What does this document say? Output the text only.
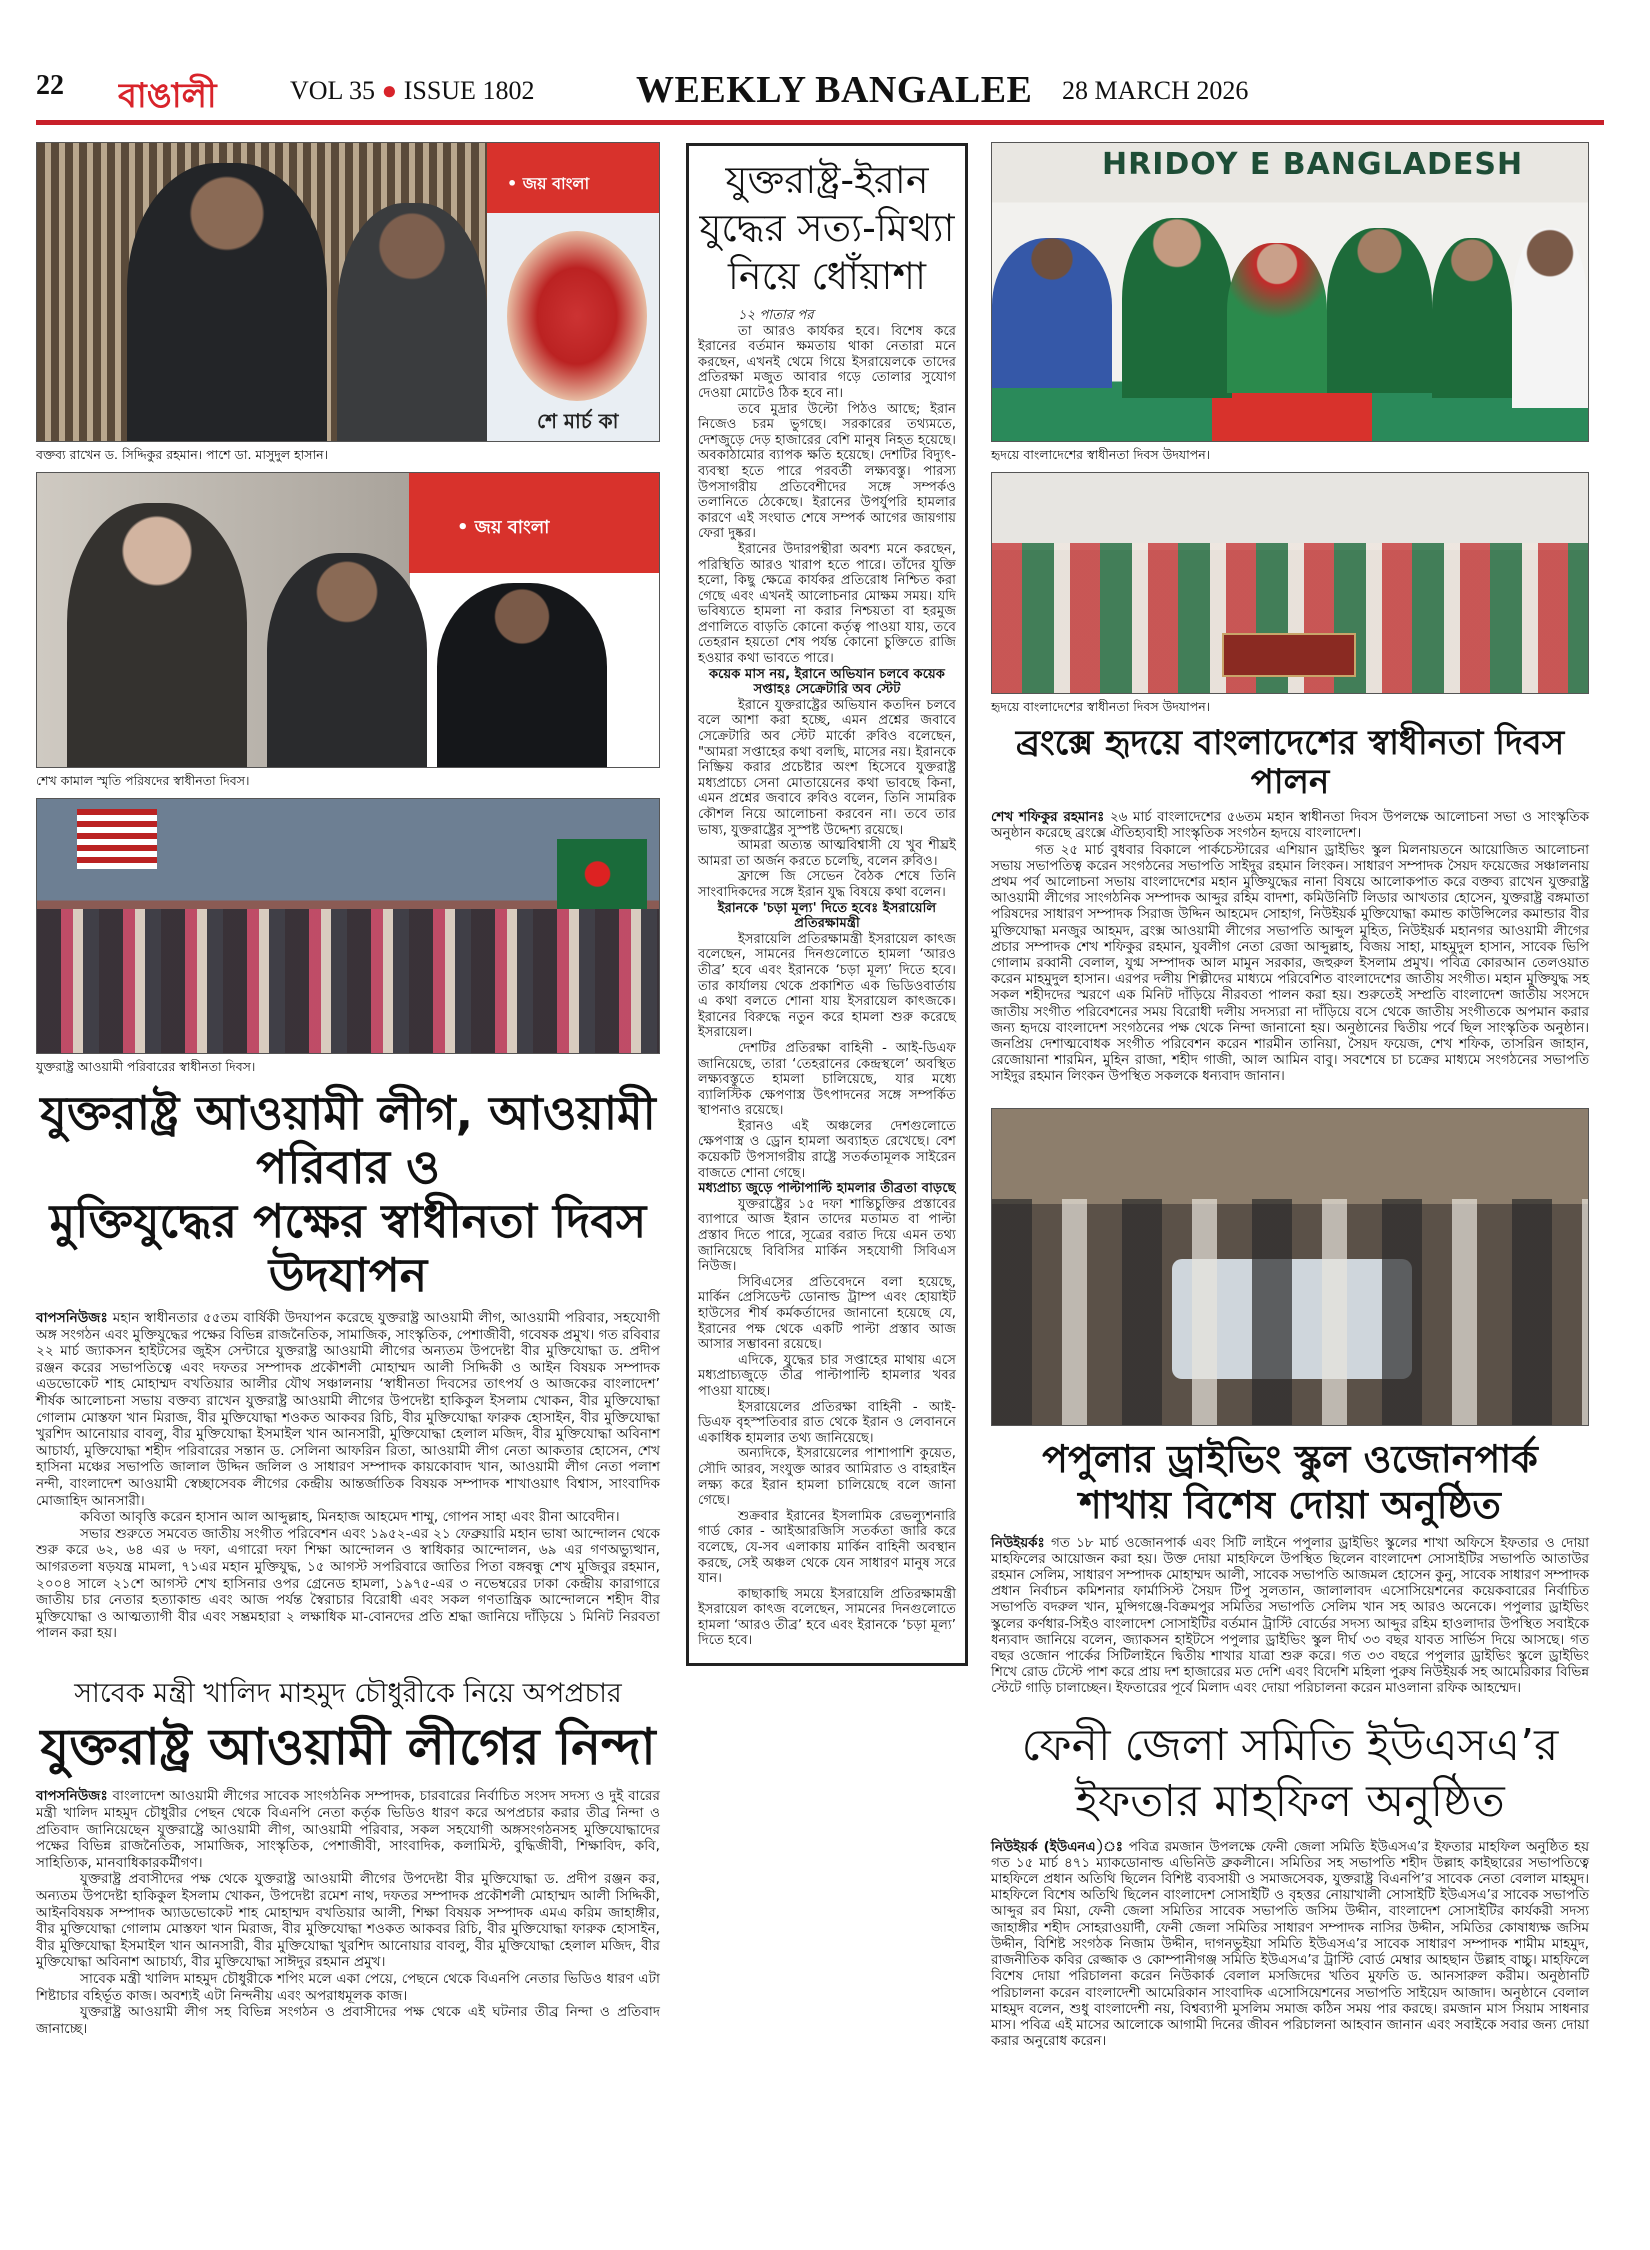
22 বাঙালী	VOL 35 ● ISSUE 1802	WEEKLY BANGALEE 28 MARCH 2026
• জয় বাংলা
শে মার্চ কা
বক্তব্য রাখেন ড. সিদ্দিকুর রহমান। পাশে ডা. মাসুদুল হাসান।
• জয় বাংলা
শেখ কামাল স্মৃতি পরিষদের স্বাধীনতা দিবস।
যুক্তরাষ্ট্র আওয়ামী পরিবারের স্বাধীনতা দিবস।
যুক্তরাষ্ট্র আওয়ামী লীগ, আওয়ামী পরিবার ও
মুক্তিযুদ্ধের পক্ষের স্বাধীনতা দিবস উদযাপন

বাপসনিউজঃ মহান স্বাধীনতার ৫৫তম বার্ষিকী উদযাপন করেছে যুক্তরাষ্ট্র আওয়ামী লীগ, আওয়ামী পরিবার, সহযোগী অঙ্গ সংগঠন এবং মুক্তিযুদ্ধের পক্ষের বিভিন্ন রাজনৈতিক, সামাজিক, সাংস্কৃতিক, পেশাজীবী, গবেষক প্রমুখ। গত রবিবার ২২ মার্চ জ্যাকসন হাইটসের জুইস সেন্টারে যুক্তরাষ্ট্র আওয়ামী লীগের অন্যতম উপদেষ্টা বীর মুক্তিযোদ্ধা ড. প্রদীপ রঞ্জন করের সভাপতিত্বে এবং দফতর সম্পাদক প্রকৌশলী মোহাম্মদ আলী সিদ্দিকী ও আইন বিষয়ক সম্পাদক এডভোকেট শাহ মোহাম্মদ বখতিয়ার আলীর যৌথ সঞ্চালনায় ‘স্বাধীনতা দিবসের তাৎপর্য ও আজকের বাংলাদেশ’ শীর্ষক আলোচনা সভায় বক্তব্য রাখেন যুক্তরাষ্ট্র আওয়ামী লীগের উপদেষ্টা হাকিকুল ইসলাম খোকন, বীর মুক্তিযোদ্ধা গোলাম মোস্তফা খান মিরাজ, বীর মুক্তিযোদ্ধা শওকত আকবর রিচি, বীর মুক্তিযোদ্ধা ফারুক হোসাইন, বীর মুক্তিযোদ্ধা খুরশিদ আনোয়ার বাবলু, বীর মুক্তিযোদ্ধা ইসমাইল খান আনসারী, মুক্তিযোদ্ধা হেলাল মজিদ, বীর মুক্তিযোদ্ধা অবিনাশ আচার্য্য, মুক্তিযোদ্ধা শহীদ পরিবারের সন্তান ড. সেলিনা আফরিন রিতা, আওয়ামী লীগ নেতা আকতার হোসেন, শেখ হাসিনা মঞ্চের সভাপতি জালাল উদ্দিন জলিল ও সাধারণ সম্পাদক কায়কোবাদ খান, আওয়ামী লীগ নেতা পলাশ নন্দী, বাংলাদেশ আওয়ামী স্বেচ্ছাসেবক লীগের কেন্দ্রীয় আন্তর্জাতিক বিষয়ক সম্পাদক শাখাওয়াৎ বিশ্বাস, সাংবাদিক মোজাহিদ আনসারী।

কবিতা আবৃত্তি করেন হাসান আল আব্দুল্লাহ, মিনহাজ আহমেদ শাম্মু, গোপন সাহা এবং রীনা আবেদীন।

সভার শুরুতে সমবেত জাতীয় সংগীত পরিবেশন এবং ১৯৫২-এর ২১ ফেব্রুয়ারি মহান ভাষা আন্দোলন থেকে শুরু করে ৬২, ৬৪ এর ৬ দফা, এগারো দফা শিক্ষা আন্দোলন ও স্বাধিকার আন্দোলন, ৬৯ এর গণঅভ্যুত্থান, আগরতলা ষড়যন্ত্র মামলা, ৭১এর মহান মুক্তিযুদ্ধ, ১৫ আগস্ট সপরিবারে জাতির পিতা বঙ্গবন্ধু শেখ মুজিবুর রহমান, ২০০৪ সালে ২১শে আগস্ট শেখ হাসিনার ওপর গ্রেনেড হামলা, ১৯৭৫-এর ৩ নভেম্বরের ঢাকা কেন্দ্রীয় কারাগারে জাতীয় চার নেতার হত্যাকান্ড এবং আজ পর্যন্ত স্বৈরাচার বিরোধী এবং সকল গণতান্ত্রিক আন্দোলনে শহীদ বীর মুক্তিযোদ্ধা ও আত্মত্যাগী বীর এবং সম্ভ্রমহারা ২ লক্ষাধিক মা-বোনদের প্রতি শ্রদ্ধা জানিয়ে দাঁড়িয়ে ১ মিনিট নিরবতা পালন করা হয়।

সাবেক মন্ত্রী খালিদ মাহমুদ চৌধুরীকে নিয়ে অপপ্রচার
যুক্তরাষ্ট্র আওয়ামী লীগের নিন্দা

বাপসনিউজঃ বাংলাদেশ আওয়ামী লীগের সাবেক সাংগঠনিক সম্পাদক, চারবারের নির্বাচিত সংসদ সদস্য ও দুই বারের মন্ত্রী খালিদ মাহমুদ চৌধুরীর পেছন থেকে বিএনপি নেতা কর্তৃক ভিডিও ধারণ করে অপপ্রচার করার তীব্র নিন্দা ও প্রতিবাদ জানিয়েছেন যুক্তরাষ্ট্রে আওয়ামী লীগ, আওয়ামী পরিবার, সকল সহযোগী অঙ্গসংগঠনসহ মুক্তিযোদ্ধাদের পক্ষের বিভিন্ন রাজনৈতিক, সামাজিক, সাংস্কৃতিক, পেশাজীবী, সাংবাদিক, কলামিস্ট, বুদ্ধিজীবী, শিক্ষাবিদ, কবি, সাহিত্যিক, মানবাধিকারকর্মীগণ।

যুক্তরাষ্ট্র প্রবাসীদের পক্ষ থেকে যুক্তরাষ্ট্র আওয়ামী লীগের উপদেষ্টা বীর মুক্তিযোদ্ধা ড. প্রদীপ রঞ্জন কর, অন্যতম উপদেষ্টা হাকিকুল ইসলাম খোকন, উপদেষ্টা রমেশ নাথ, দফতর সম্পাদক প্রকৌশলী মোহাম্মদ আলী সিদ্দিকী, আইনবিষয়ক সম্পাদক অ্যাডভোকেট শাহ মোহাম্মদ বখতিয়ার আলী, শিক্ষা বিষয়ক সম্পাদক এমএ করিম জাহাঙ্গীর, বীর মুক্তিযোদ্ধা গোলাম মোস্তফা খান মিরাজ, বীর মুক্তিযোদ্ধা শওকত আকবর রিচি, বীর মুক্তিযোদ্ধা ফারুক হোসাইন, বীর মুক্তিযোদ্ধা ইসমাইল খান আনসারী, বীর মুক্তিযোদ্ধা খুরশিদ আনোয়ার বাবলু, বীর মুক্তিযোদ্ধা হেলাল মজিদ, বীর মুক্তিযোদ্ধা অবিনাশ আচার্য্য, বীর মুক্তিযোদ্ধা সাঈদুর রহমান প্রমুখ।

সাবেক মন্ত্রী খালিদ মাহমুদ চৌধুরীকে শপিং মলে একা পেয়ে, পেছনে থেকে বিএনপি নেতার ভিডিও ধারণ এটা শিষ্টাচার বহির্ভূত কাজ। অবশ্যই এটা নিন্দনীয় এবং অপরাধমূলক কাজ।

যুক্তরাষ্ট্র আওয়ামী লীগ সহ বিভিন্ন সংগঠন ও প্রবাসীদের পক্ষ থেকে এই ঘটনার তীব্র নিন্দা ও প্রতিবাদ জানাচ্ছে।

যুক্তরাষ্ট্র-ইরান যুদ্ধের সত্য-মিথ্যা নিয়ে ধোঁয়াশা

১২ পাতার পর

তা আরও কার্যকর হবে। বিশেষ করে ইরানের বর্তমান ক্ষমতায় থাকা নেতারা মনে করছেন, এখনই থেমে গিয়ে ইসরায়েলকে তাদের প্রতিরক্ষা মজুত আবার গড়ে তোলার সুযোগ দেওয়া মোটেও ঠিক হবে না।

তবে মুদ্রার উল্টো পিঠও আছে; ইরান নিজেও চরম ভুগছে। সরকারের তথ্যমতে, দেশজুড়ে দেড় হাজারের বেশি মানুষ নিহত হয়েছে। অবকাঠামোর ব্যাপক ক্ষতি হয়েছে। দেশটির বিদ্যুৎ-ব্যবস্থা হতে পারে পরবর্তী লক্ষ্যবস্তু। পারস্য উপসাগরীয় প্রতিবেশীদের সঙ্গে সম্পর্কও তলানিতে ঠেকেছে। ইরানের উপর্যুপরি হামলার কারণে এই সংঘাত শেষে সম্পর্ক আগের জায়গায় ফেরা দুষ্কর।

ইরানের উদারপন্থীরা অবশ্য মনে করছেন, পরিস্থিতি আরও খারাপ হতে পারে। তাঁদের যুক্তি হলো, কিছু ক্ষেত্রে কার্যকর প্রতিরোধ নিশ্চিত করা গেছে এবং এখনই আলোচনার মোক্ষম সময়। যদি ভবিষ্যতে হামলা না করার নিশ্চয়তা বা হরমুজ প্রণালিতে বাড়তি কোনো কর্তৃত্ব পাওয়া যায়, তবে তেহরান হয়তো শেষ পর্যন্ত কোনো চুক্তিতে রাজি হওয়ার কথা ভাবতে পারে।

কয়েক মাস নয়, ইরানে অভিযান চলবে কয়েক সপ্তাহঃ সেক্রেটারি অব স্টেট

ইরানে যুক্তরাষ্ট্রের অভিযান কতদিন চলবে বলে আশা করা হচ্ছে, এমন প্রশ্নের জবাবে সেক্রেটারি অব স্টেট মার্কো রুবিও বলেছেন, "আমরা সপ্তাহের কথা বলছি, মাসের নয়। ইরানকে নিষ্ক্রিয় করার প্রচেষ্টার অংশ হিসেবে যুক্তরাষ্ট্র মধ্যপ্রাচ্যে সেনা মোতায়েনের কথা ভাবছে কিনা, এমন প্রশ্নের জবাবে রুবিও বলেন, তিনি সামরিক কৌশল নিয়ে আলোচনা করবেন না। তবে তার ভাষ্য, যুক্তরাষ্ট্রের সুস্পষ্ট উদ্দেশ্য রয়েছে।

আমরা অত্যন্ত আত্মবিশ্বাসী যে খুব শীঘ্রই আমরা তা অর্জন করতে চলেছি, বলেন রুবিও।

ফ্রান্সে জি সেভেন বৈঠক শেষে তিনি সাংবাদিকদের সঙ্গে ইরান যুদ্ধ বিষয়ে কথা বলেন।

ইরানকে 'চড়া মূল্য' দিতে হবেঃ ইসরায়েলি প্রতিরক্ষামন্ত্রী

ইসরায়েলি প্রতিরক্ষামন্ত্রী ইসরায়েল কাৎজ বলেছেন, সামনের দিনগুলোতে হামলা ‘আরও তীব্র’ হবে এবং ইরানকে ‘চড়া মূল্য’ দিতে হবে। তার কার্যালয় থেকে প্রকাশিত এক ভিডিওবার্তায় এ কথা বলতে শোনা যায় ইসরায়েল কাৎজকে। ইরানের বিরুদ্ধে নতুন করে হামলা শুরু করেছে ইসরায়েল।

দেশটির প্রতিরক্ষা বাহিনী - আই-ডিএফ জানিয়েছে, তারা ‘তেহরানের কেন্দ্রস্থলে’ অবস্থিত লক্ষ্যবস্তুতে হামলা চালিয়েছে, যার মধ্যে ব্যালিস্টিক ক্ষেপণাস্ত্র উৎপাদনের সঙ্গে সম্পর্কিত স্থাপনাও রয়েছে।

ইরানও এই অঞ্চলের দেশগুলোতে ক্ষেপণাস্ত্র ও ড্রোন হামলা অব্যাহত রেখেছে। বেশ কয়েকটি উপসাগরীয় রাষ্ট্রে সতর্কতামূলক সাইরেন বাজতে শোনা গেছে।

মধ্যপ্রাচ্য জুড়ে পাল্টাপাল্টি হামলার তীব্রতা বাড়ছে

যুক্তরাষ্ট্রের ১৫ দফা শান্তিচুক্তির প্রস্তাবের ব্যাপারে আজ ইরান তাদের মতামত বা পাল্টা প্রস্তাব দিতে পারে, সূত্রের বরাত দিয়ে এমন তথ্য জানিয়েছে বিবিসির মার্কিন সহযোগী সিবিএস নিউজ।

সিবিএসের প্রতিবেদনে বলা হয়েছে, মার্কিন প্রেসিডেন্ট ডোনাল্ড ট্রাম্প এবং হোয়াইট হাউসের শীর্ষ কর্মকর্তাদের জানানো হয়েছে যে, ইরানের পক্ষ থেকে একটি পাল্টা প্রস্তাব আজ আসার সম্ভাবনা রয়েছে।

এদিকে, যুদ্ধের চার সপ্তাহের মাথায় এসে মধ্যপ্রাচ্যজুড়ে তীব্র পাল্টাপাল্টি হামলার খবর পাওয়া যাচ্ছে।

ইসরায়েলের প্রতিরক্ষা বাহিনী - আই-ডিএফ বৃহস্পতিবার রাত থেকে ইরান ও লেবাননে একাধিক হামলার তথ্য জানিয়েছে।

অন্যদিকে, ইসরায়েলের পাশাপাশি কুয়েত, সৌদি আরব, সংযুক্ত আরব আমিরাত ও বাহরাইন লক্ষ্য করে ইরান হামলা চালিয়েছে বলে জানা গেছে।

শুক্রবার ইরানের ইসলামিক রেভল্যুশনারি গার্ড কোর - আইআরজিসি সতর্কতা জারি করে বলেছে, যে-সব এলাকায় মার্কিন বাহিনী অবস্থান করছে, সেই অঞ্চল থেকে যেন সাধারণ মানুষ সরে যান।

কাছাকাছি সময়ে ইসরায়েলি প্রতিরক্ষামন্ত্রী ইসরায়েল কাৎজ বলেছেন, সামনের দিনগুলোতে হামলা ‘আরও তীব্র’ হবে এবং ইরানকে ‘চড়া মূল্য’ দিতে হবে।

HRIDOY E BANGLADESH
হৃদয়ে বাংলাদেশের স্বাধীনতা দিবস উদযাপন।
হৃদয়ে বাংলাদেশের স্বাধীনতা দিবস উদযাপন।
ব্রংক্সে হৃদয়ে বাংলাদেশের স্বাধীনতা দিবস পালন

শেখ শফিকুর রহমানঃ ২৬ মার্চ বাংলাদেশের ৫৬তম মহান স্বাধীনতা দিবস উপলক্ষে আলোচনা সভা ও সাংস্কৃতিক অনুষ্ঠান করেছে ব্রংক্সে ঐতিহ্যবাহী সাংস্কৃতিক সংগঠন হৃদয়ে বাংলাদেশ।

গত ২৫ মার্চ বুধবার বিকালে পার্কচেস্টারের এশিয়ান ড্রাইভিং স্কুল মিলনায়তনে আয়োজিত আলোচনা সভায় সভাপতিত্ব করেন সংগঠনের সভাপতি সাইদুর রহমান লিংকন। সাধারণ সম্পাদক সৈয়দ ফয়েজের সঞ্চালনায় প্রথম পর্ব আলোচনা সভায় বাংলাদেশের মহান মুক্তিযুদ্ধের নানা বিষয়ে আলোকপাত করে বক্তব্য রাখেন যুক্তরাষ্ট্র আওয়ামী লীগের সাংগঠনিক সম্পাদক আব্দুর রহিম বাদশা, কমিউনিটি লিডার আখতার হোসেন, যুক্তরাষ্ট্র বঙ্গমাতা পরিষদের সাধারণ সম্পাদক সিরাজ উদ্দিন আহমেদ সোহাগ, নিউইয়র্ক মুক্তিযোদ্ধা কমান্ড কাউন্সিলের কমান্ডার বীর মুক্তিযোদ্ধা মনজুর আহমদ, ব্রংক্স আওয়ামী লীগের সভাপতি আব্দুল মুহিত, নিউইয়র্ক মহানগর আওয়ামী লীগের প্রচার সম্পাদক শেখ শফিকুর রহমান, যুবলীগ নেতা রেজা আব্দুল্লাহ, বিজয় সাহা, মাহমুদুল হাসান, সাবেক ভিপি গোলাম রব্বানী বেলাল, যুগ্ম সম্পাদক আল মামুন সরকার, জহুরুল ইসলাম প্রমুখ। পবিত্র কোরআন তেলওয়াত করেন মাহমুদুল হাসান। এরপর দলীয় শিল্পীদের মাধ্যমে পরিবেশিত বাংলাদেশের জাতীয় সংগীত। মহান মুক্তিযুদ্ধ সহ সকল শহীদদের স্মরণে এক মিনিট দাঁড়িয়ে নীরবতা পালন করা হয়। শুরুতেই সম্প্রতি বাংলাদেশ জাতীয় সংসদে জাতীয় সংগীত পরিবেশনের সময় বিরোধী দলীয় সদস্যরা না দাঁড়িয়ে বসে থেকে জাতীয় সংগীতকে অপমান করার জন্য হৃদয়ে বাংলাদেশ সংগঠনের পক্ষ থেকে নিন্দা জানানো হয়। অনুষ্ঠানের দ্বিতীয় পর্বে ছিল সাংস্কৃতিক অনুষ্ঠান। জনপ্রিয় দেশাত্মবোধক সংগীত পরিবেশন করেন শারমীন তানিয়া, সৈয়দ ফয়েজ, শেখ শফিক, তাসরিন জাহান, রেজোয়ানা শারমিন, মুহিন রাজা, শহীদ গাজী, আল আমিন বাবু। সবশেষে চা চক্রের মাধ্যমে সংগঠনের সভাপতি সাইদুর রহমান লিংকন উপস্থিত সকলকে ধন্যবাদ জানান।

পপুলার ড্রাইভিং স্কুল ওজোনপার্ক
শাখায় বিশেষ দোয়া অনুষ্ঠিত

নিউইয়র্কঃ গত ১৮ মার্চ ওজোনপার্ক এবং সিটি লাইনে পপুলার ড্রাইভিং স্কুলের শাখা অফিসে ইফতার ও দোয়া মাহফিলের আয়োজন করা হয়। উক্ত দোয়া মাহফিলে উপস্থিত ছিলেন বাংলাদেশ সোসাইটির সভাপতি আতাউর রহমান সেলিম, সাধারণ সম্পাদক মোহাম্মদ আলী, সাবেক সভাপতি আজমল হোসেন কুনু, সাবেক সাধারণ সম্পাদক প্রধান নির্বাচন কমিশনার ফার্মাসিস্ট সৈয়দ টিপু সুলতান, জালালাবদ এসোসিয়েশনের কয়েকবারের নির্বাচিত সভাপতি বদরুল খান, মুন্সিগঞ্জে-বিক্রমপুর সমিতির সভাপতি সেলিম খান সহ আরও অনেকে। পপুলার ড্রাইভিং স্কুলের কর্ণধার-সিইও বাংলাদেশ সোসাইটির বর্তমান ট্রাস্টি বোর্ডের সদস্য আব্দুর রহিম হাওলাদার উপস্থিত সবাইকে ধন্যবাদ জানিয়ে বলেন, জ্যাকসন হাইটসে পপুলার ড্রাইভিং স্কুল দীর্ঘ ৩৩ বছর যাবত সার্ভিস দিয়ে আসছে। গত বছর ওজোন পার্কের সিটিলাইনে দ্বিতীয় শাখার যাত্রা শুরু করে। গত ৩৩ বছরে পপুলার ড্রাইভিং স্কুলে ড্রাইভিং শিখে রোড টেস্টে পাশ করে প্রায় দশ হাজারের মত দেশি এবং বিদেশি মহিলা পুরুষ নিউইয়র্ক সহ আমেরিকার বিভিন্ন স্টেটে গাড়ি চালাচ্ছেন। ইফতারের পূর্বে মিলাদ এবং দোয়া পরিচালনা করেন মাওলানা রফিক আহম্মেদ।

ফেনী জেলা সমিতি ইউএসএ’র
ইফতার মাহফিল অনুষ্ঠিত

নিউইয়র্ক (ইউএনএ)ঃ পবিত্র রমজান উপলক্ষে ফেনী জেলা সমিতি ইউএসএ’র ইফতার মাহফিল অনুষ্ঠিত হয় গত ১৫ মার্চ ৪৭১ ম্যাকডোনাল্ড এভিনিউ ব্রুকলীনে। সমিতির সহ সভাপতি শহীদ উল্লাহ কাইছারের সভাপতিত্বে মাহফিলে প্রধান অতিথি ছিলেন বিশিষ্ট ব্যবসায়ী ও সমাজসেবক, যুক্তরাষ্ট্র বিএনপি’র সাবেক নেতা বেলাল মাহমুদ। মাহফিলে বিশেষ অতিথি ছিলেন বাংলাদেশ সোসাইটি ও বৃহত্তর নোয়াখালী সোসাইটি ইউএসএ’র সাবেক সভাপতি আব্দুর রব মিয়া, ফেনী জেলা সমিতির সাবেক সভাপতি জসিম উদ্দীন, বাংলাদেশ সোসাইটির কার্যকরী সদস্য জাহাঙ্গীর শহীদ সোহরাওয়ার্দী, ফেনী জেলা সমিতির সাধারণ সম্পাদক নাসির উদ্দীন, সমিতির কোষাধ্যক্ষ জসিম উদ্দীন, বিশিষ্ট সংগঠক নিজাম উদ্দীন, দাগনভুইয়া সমিতি ইউএসএ’র সাবেক সাধারণ সম্পাদক শামীম মাহমুদ, রাজনীতিক কবির রেজ্জাক ও কোম্পানীগঞ্জ সমিতি ইউএসএ’র ট্রাস্টি বোর্ড মেম্বার আহছান উল্লাহ বাচ্চু। মাহফিলে বিশেষ দোয়া পরিচালনা করেন নিউকার্ক বেলাল মসজিদের খতিব মুফতি ড. আনসারুল করীম। অনুষ্ঠানটি পরিচালনা করেন বাংলাদেশী আমেরিকান সাংবাদিক এসোসিয়েশনের সভাপতি সাইয়েদ আজাদ। অনুষ্ঠানে বেলাল মাহমুদ বলেন, শুধু বাংলাদেশী নয়, বিশ্বব্যাপী মুসলিম সমাজ কঠিন সময় পার করছে। রমজান মাস সিয়াম সাধনার মাস। পবিত্র এই মাসের আলোকে আগামী দিনের জীবন পরিচালনা আহবান জানান এবং সবাইকে সবার জন্য দোয়া করার অনুরোধ করেন।
